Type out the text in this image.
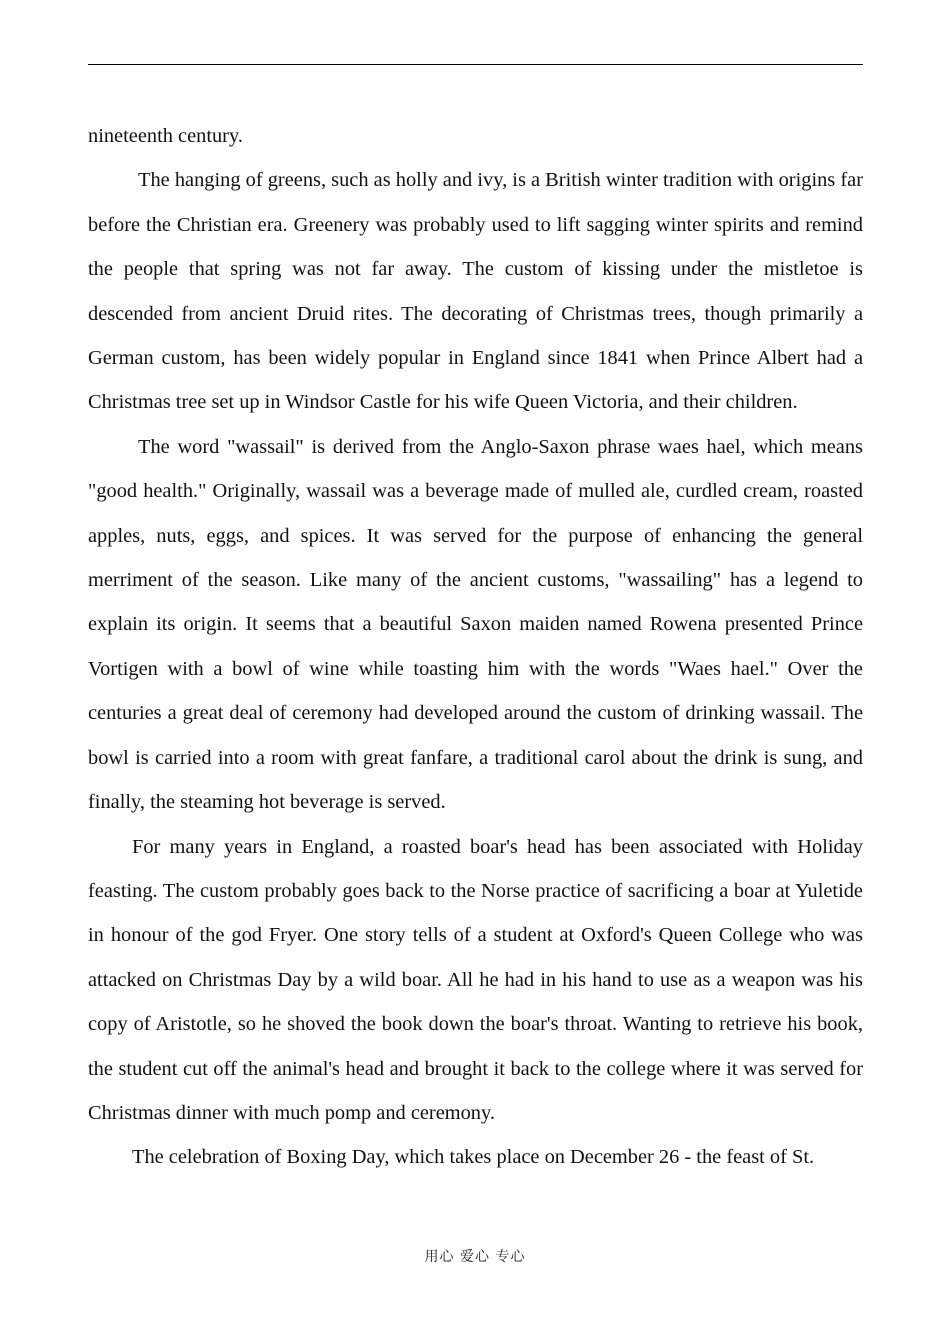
nineteenth century.

The hanging of greens, such as holly and ivy, is a British winter tradition with origins far before the Christian era. Greenery was probably used to lift sagging winter spirits and remind the people that spring was not far away. The custom of kissing under the mistletoe is descended from ancient Druid rites. The decorating of Christmas trees, though primarily a German custom, has been widely popular in England since 1841 when Prince Albert had a Christmas tree set up in Windsor Castle for his wife Queen Victoria, and their children.

The word "wassail" is derived from the Anglo-Saxon phrase waes hael, which means "good health." Originally, wassail was a beverage made of mulled ale, curdled cream, roasted apples, nuts, eggs, and spices. It was served for the purpose of enhancing the general merriment of the season. Like many of the ancient customs, "wassailing" has a legend to explain its origin. It seems that a beautiful Saxon maiden named Rowena presented Prince Vortigen with a bowl of wine while toasting him with the words "Waes hael." Over the centuries a great deal of ceremony had developed around the custom of drinking wassail. The bowl is carried into a room with great fanfare, a traditional carol about the drink is sung, and finally, the steaming hot beverage is served.

For many years in England, a roasted boar's head has been associated with Holiday feasting. The custom probably goes back to the Norse practice of sacrificing a boar at Yuletide in honour of the god Fryer. One story tells of a student at Oxford's Queen College who was attacked on Christmas Day by a wild boar. All he had in his hand to use as a weapon was his copy of Aristotle, so he shoved the book down the boar's throat. Wanting to retrieve his book, the student cut off the animal's head and brought it back to the college where it was served for Christmas dinner with much pomp and ceremony.

The celebration of Boxing Day, which takes place on December 26 - the feast of St.

用心 爱心 专心
